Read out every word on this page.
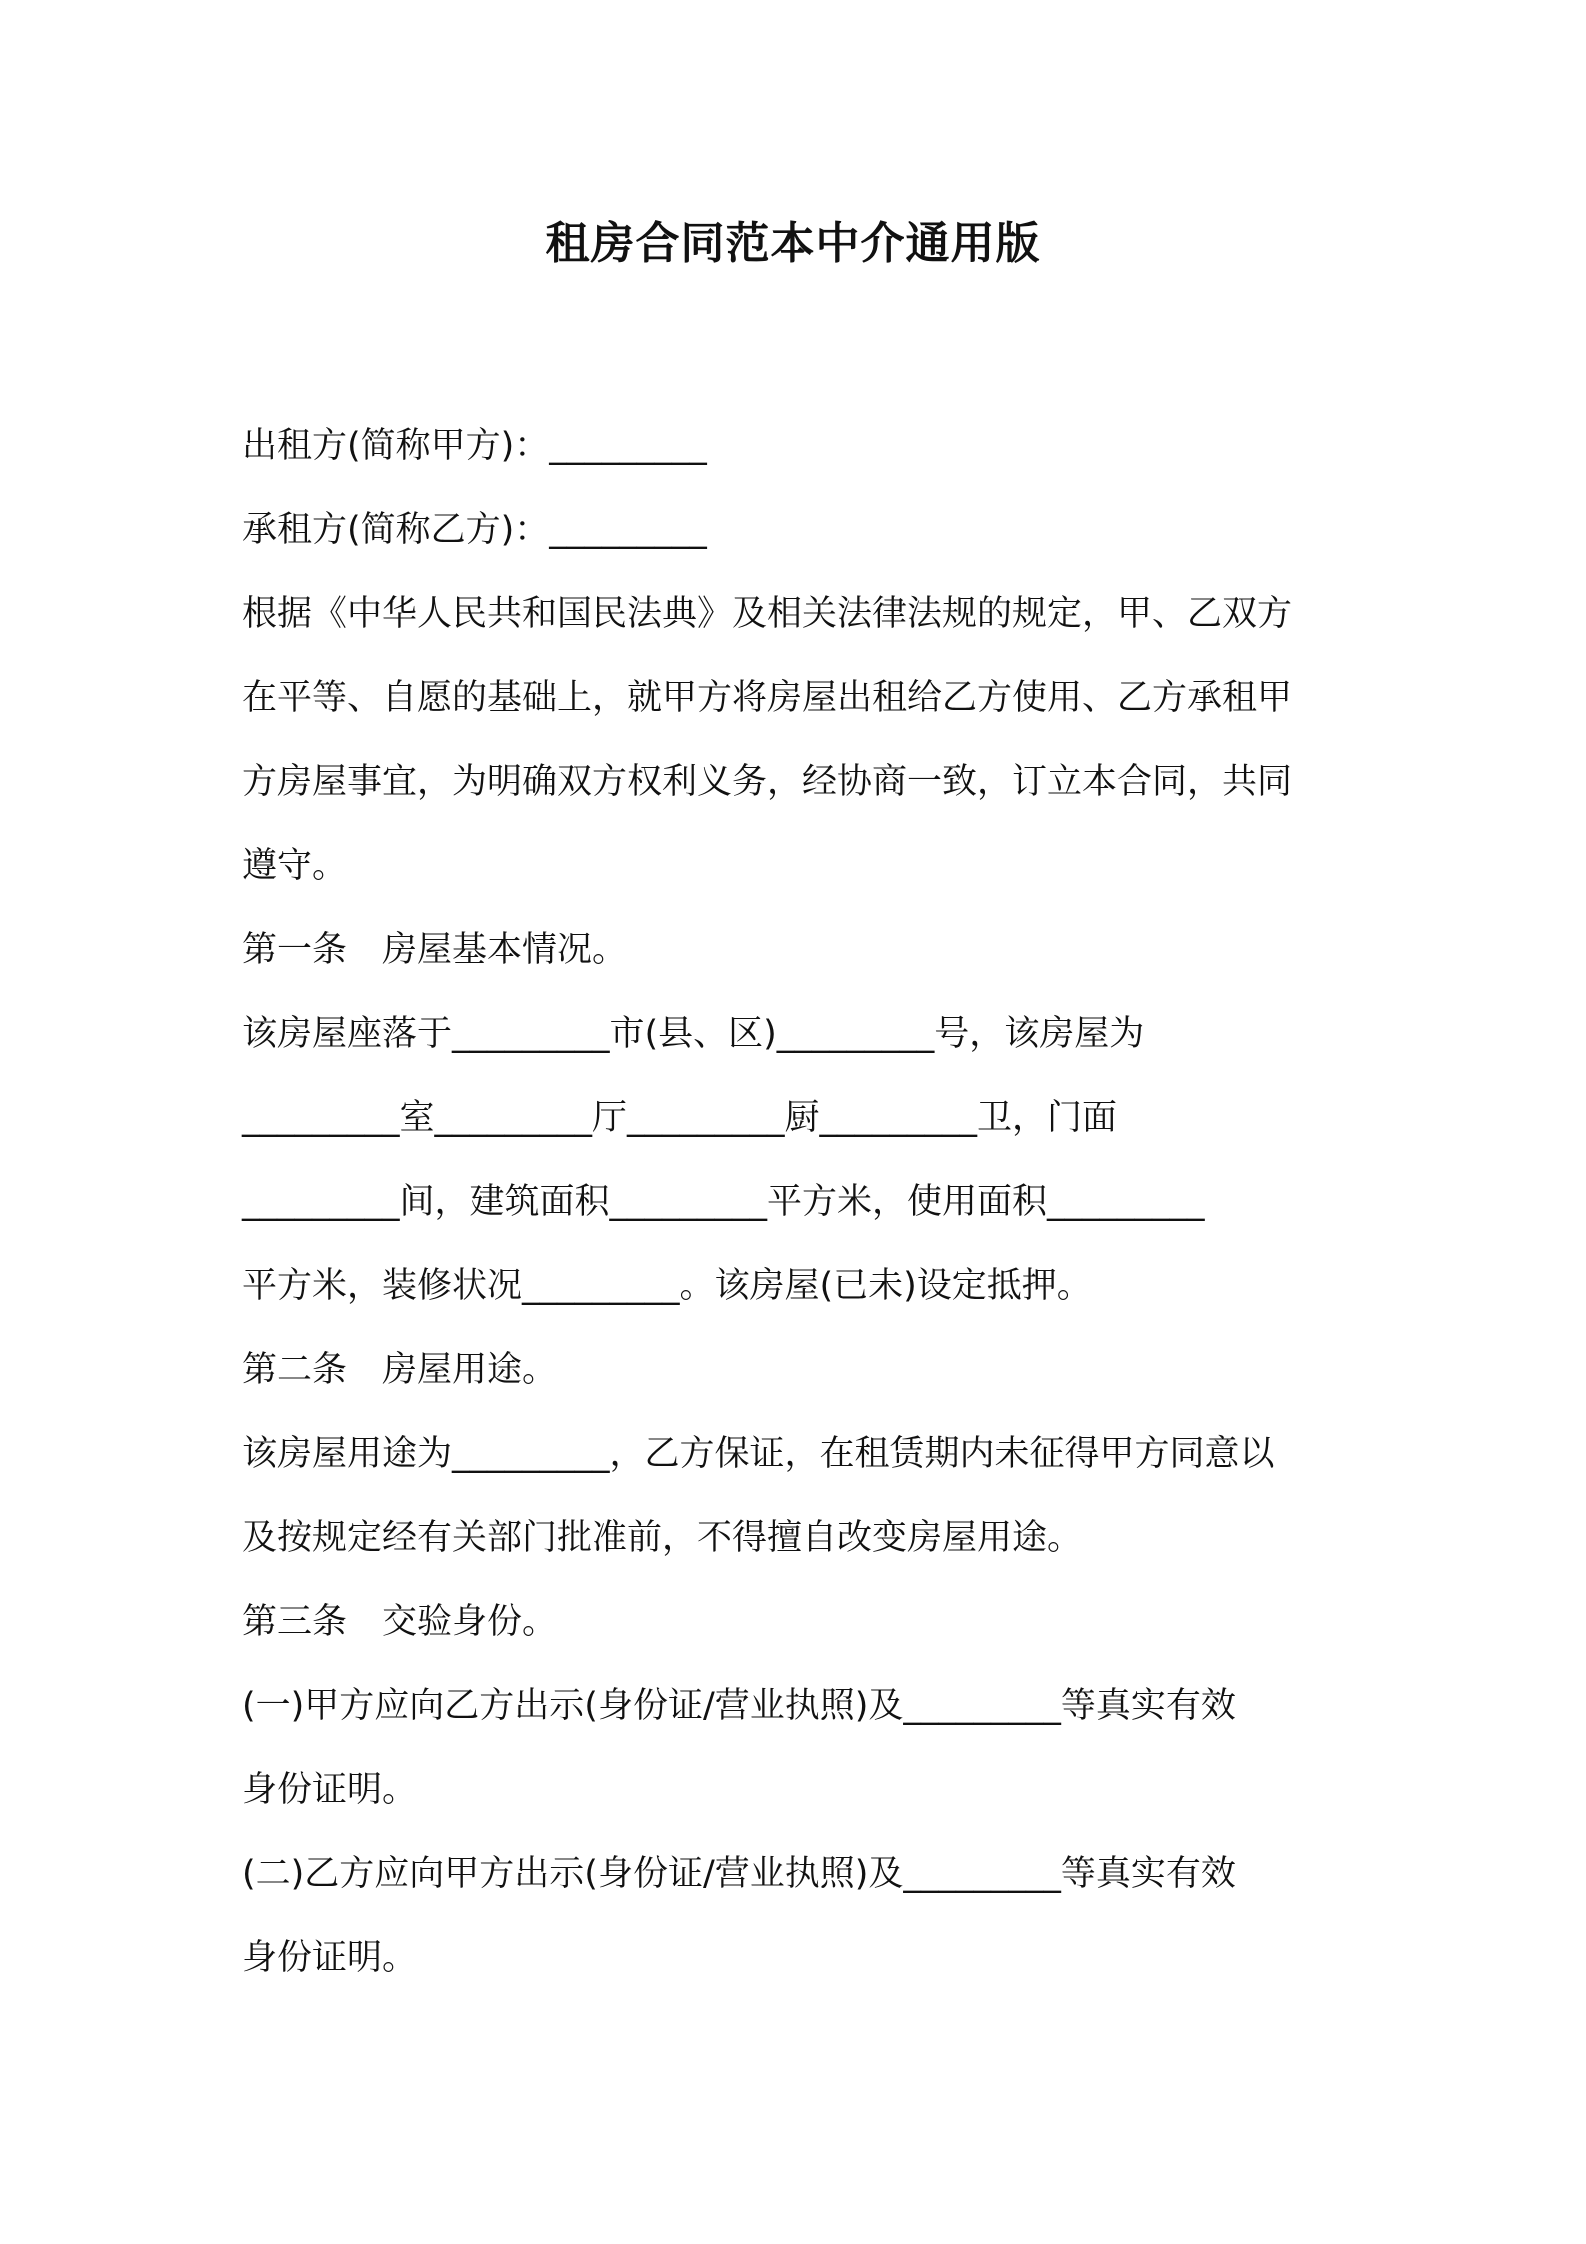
租房合同范本中介通用版
出租方(简称甲方)：_________
承租方(简称乙方)：_________
根据《中华人民共和国民法典》及相关法律法规的规定，甲、乙双方
在平等、自愿的基础上，就甲方将房屋出租给乙方使用、乙方承租甲
方房屋事宜，为明确双方权利义务，经协商一致，订立本合同，共同
遵守。
第一条　房屋基本情况。
该房屋座落于_________市(县、区)_________号，该房屋为
_________室_________厅_________厨_________卫，门面
_________间，建筑面积_________平方米，使用面积_________
平方米，装修状况_________。该房屋(已未)设定抵押。
第二条　房屋用途。
该房屋用途为_________，乙方保证，在租赁期内未征得甲方同意以
及按规定经有关部门批准前，不得擅自改变房屋用途。
第三条　交验身份。
(一)甲方应向乙方出示(身份证/营业执照)及_________等真实有效
身份证明。
(二)乙方应向甲方出示(身份证/营业执照)及_________等真实有效
身份证明。
